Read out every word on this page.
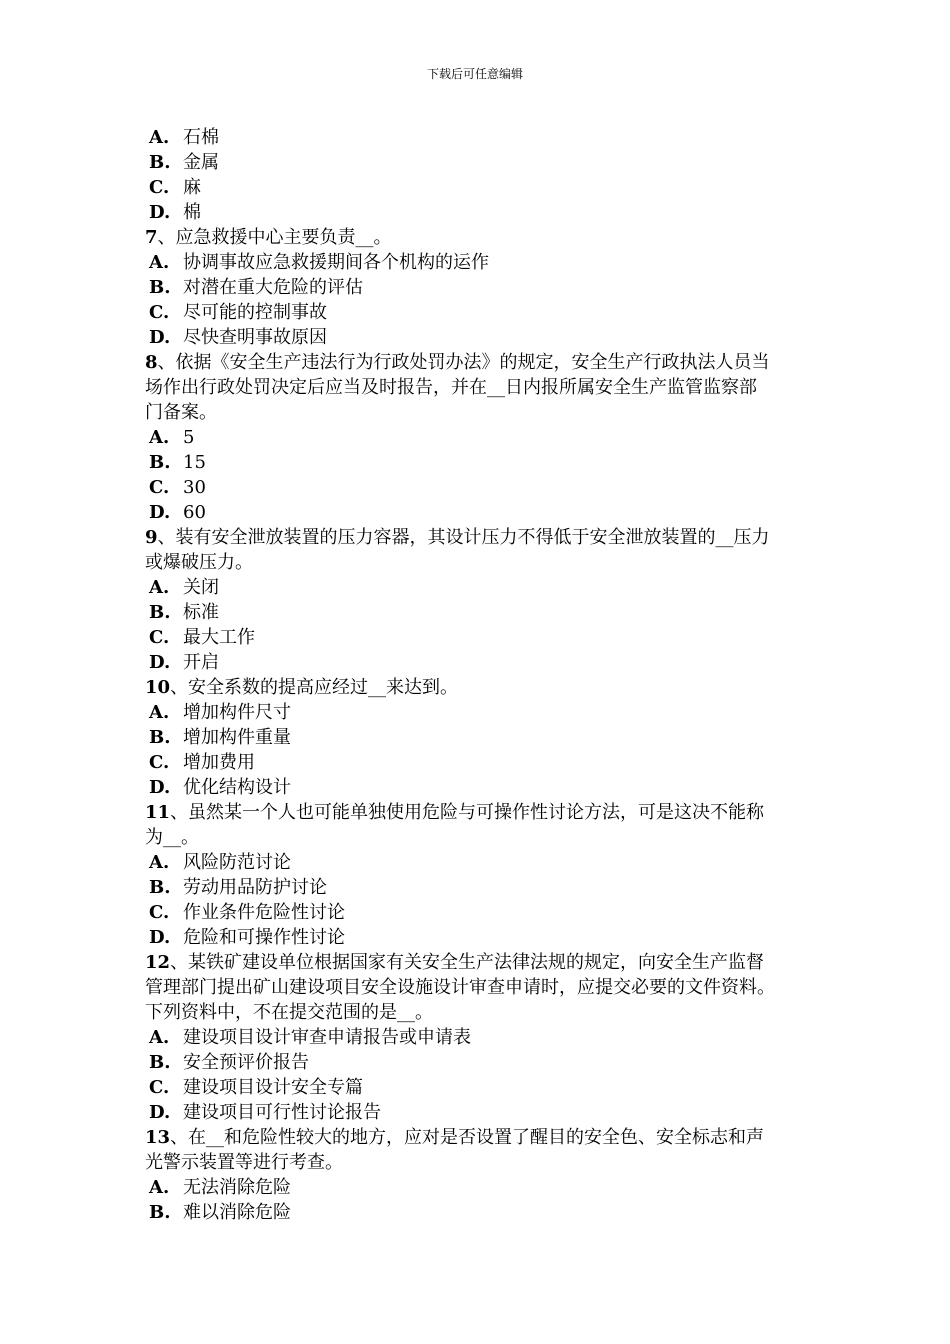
下载后可任意编辑
A. 石棉
B. 金属
C. 麻
D. 棉
7、应急救援中心主要负责__。
A. 协调事故应急救援期间各个机构的运作
B. 对潜在重大危险的评估
C. 尽可能的控制事故
D. 尽快查明事故原因
8、依据《安全生产违法行为行政处罚办法》的规定，安全生产行政执法人员当
场作出行政处罚决定后应当及时报告，并在__日内报所属安全生产监管监察部
门备案。
A. 5
B. 15
C. 30
D. 60
9、装有安全泄放装置的压力容器，其设计压力不得低于安全泄放装置的__压力
或爆破压力。
A. 关闭
B. 标准
C. 最大工作
D. 开启
10、安全系数的提高应经过__来达到。
A. 增加构件尺寸
B. 增加构件重量
C. 增加费用
D. 优化结构设计
11、虽然某一个人也可能单独使用危险与可操作性讨论方法，可是这决不能称
为__。
A. 风险防范讨论
B. 劳动用品防护讨论
C. 作业条件危险性讨论
D. 危险和可操作性讨论
12、某铁矿建设单位根据国家有关安全生产法律法规的规定，向安全生产监督
管理部门提出矿山建设项目安全设施设计审查申请时，应提交必要的文件资料。
下列资料中，不在提交范围的是__。
A. 建设项目设计审查申请报告或申请表
B. 安全预评价报告
C. 建设项目设计安全专篇
D. 建设项目可行性讨论报告
13、在__和危险性较大的地方，应对是否设置了醒目的安全色、安全标志和声
光警示装置等进行考查。
A. 无法消除危险
B. 难以消除危险
